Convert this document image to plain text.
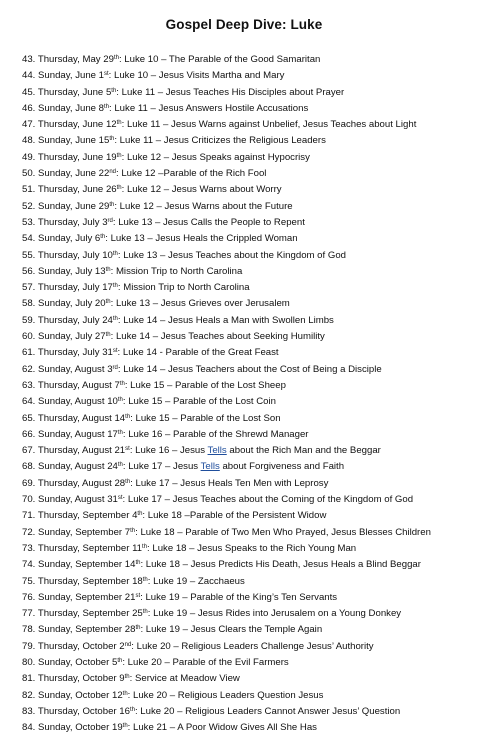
Gospel Deep Dive: Luke
43. Thursday, May 29th: Luke 10 – The Parable of the Good Samaritan
44. Sunday, June 1st: Luke 10 – Jesus Visits Martha and Mary
45. Thursday, June 5th: Luke 11 – Jesus Teaches His Disciples about Prayer
46. Sunday, June 8th: Luke 11 – Jesus Answers Hostile Accusations
47. Thursday, June 12th: Luke 11 – Jesus Warns against Unbelief, Jesus Teaches about Light
48. Sunday, June 15th: Luke 11 – Jesus Criticizes the Religious Leaders
49. Thursday, June 19th: Luke 12 – Jesus Speaks against Hypocrisy
50. Sunday, June 22nd: Luke 12 –Parable of the Rich Fool
51. Thursday, June 26th: Luke 12 – Jesus Warns about Worry
52. Sunday, June 29th: Luke 12 – Jesus Warns about the Future
53. Thursday, July 3rd: Luke 13 – Jesus Calls the People to Repent
54. Sunday, July 6th: Luke 13 – Jesus Heals the Crippled Woman
55. Thursday, July 10th: Luke 13 – Jesus Teaches about the Kingdom of God
56. Sunday, July 13th: Mission Trip to North Carolina
57. Thursday, July 17th: Mission Trip to North Carolina
58. Sunday, July 20th: Luke 13 – Jesus Grieves over Jerusalem
59. Thursday, July 24th: Luke 14 – Jesus Heals a Man with Swollen Limbs
60. Sunday, July 27th: Luke 14 – Jesus Teaches about Seeking Humility
61. Thursday, July 31st: Luke 14 - Parable of the Great Feast
62. Sunday, August 3rd: Luke 14 – Jesus Teachers about the Cost of Being a Disciple
63. Thursday, August 7th: Luke 15 – Parable of the Lost Sheep
64. Sunday, August 10th: Luke 15 – Parable of the Lost Coin
65. Thursday, August 14th: Luke 15 – Parable of the Lost Son
66. Sunday, August 17th: Luke 16 – Parable of the Shrewd Manager
67. Thursday, August 21st: Luke 16 – Jesus Tells about the Rich Man and the Beggar
68. Sunday, August 24th: Luke 17 – Jesus Tells about Forgiveness and Faith
69. Thursday, August 28th: Luke 17 – Jesus Heals Ten Men with Leprosy
70. Sunday, August 31st: Luke 17 – Jesus Teaches about the Coming of the Kingdom of God
71. Thursday, September 4th: Luke 18 –Parable of the Persistent Widow
72. Sunday, September 7th: Luke 18 – Parable of Two Men Who Prayed, Jesus Blesses Children
73. Thursday, September 11th: Luke 18 – Jesus Speaks to the Rich Young Man
74. Sunday, September 14th: Luke 18 – Jesus Predicts His Death, Jesus Heals a Blind Beggar
75. Thursday, September 18th: Luke 19 – Zacchaeus
76. Sunday, September 21st: Luke 19 – Parable of the King’s Ten Servants
77. Thursday, September 25th: Luke 19 – Jesus Rides into Jerusalem on a Young Donkey
78. Sunday, September 28th: Luke 19 – Jesus Clears the Temple Again
79. Thursday, October 2nd: Luke 20 – Religious Leaders Challenge Jesus’ Authority
80. Sunday, October 5th: Luke 20 – Parable of the Evil Farmers
81. Thursday, October 9th: Service at Meadow View
82. Sunday, October 12th: Luke 20 – Religious Leaders Question Jesus
83. Thursday, October 16th: Luke 20 – Religious Leaders Cannot Answer Jesus’ Question
84. Sunday, October 19th: Luke 21 – A Poor Widow Gives All She Has
